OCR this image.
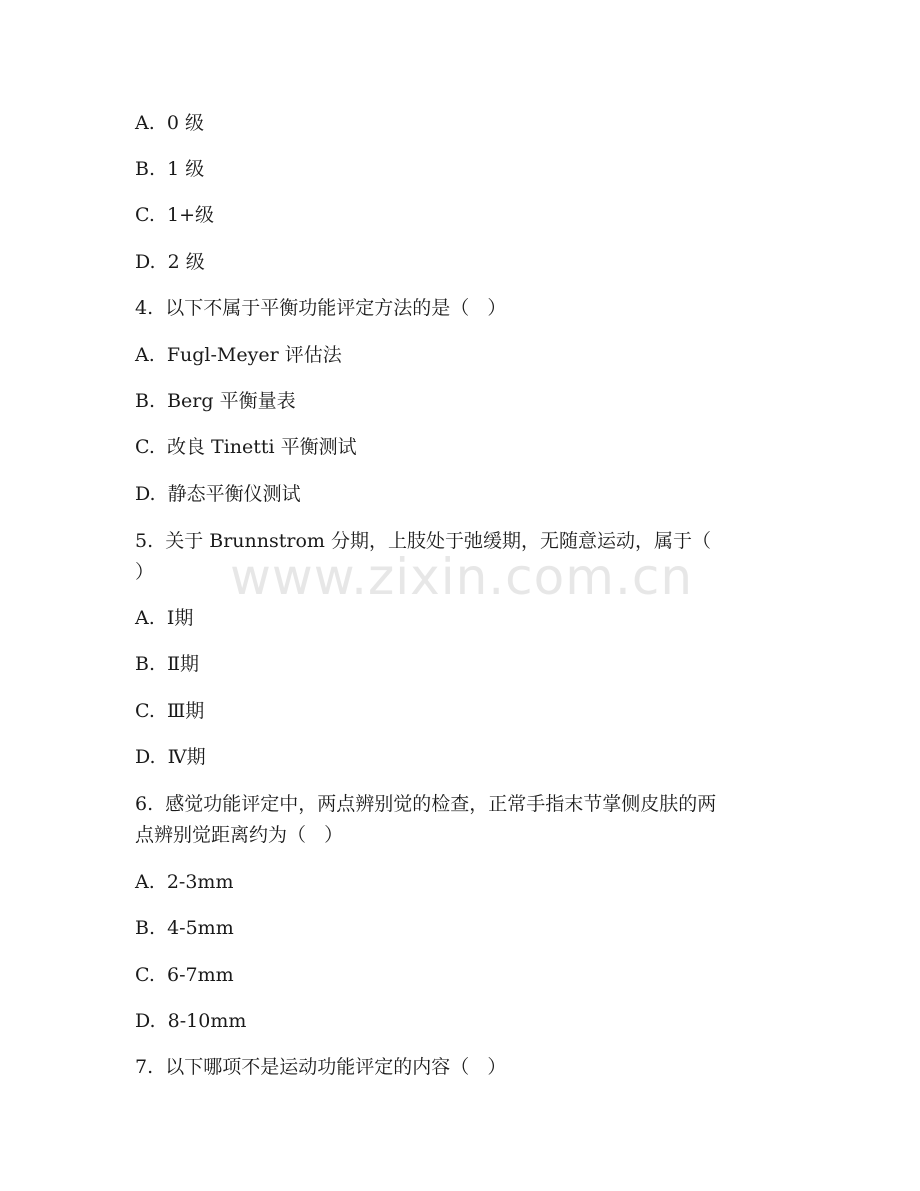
A.  0 级
B.  1 级
C.  1+级
D.  2 级
4.  以下不属于平衡功能评定方法的是（   ）
A.  Fugl-Meyer 评估法
B.  Berg 平衡量表
C.  改良 Tinetti 平衡测试
D.  静态平衡仪测试
5.  关于 Brunnstrom 分期，上肢处于弛缓期，无随意运动，属于（
）
A.  Ⅰ期
B.  Ⅱ期
C.  Ⅲ期
D.  Ⅳ期
6.  感觉功能评定中，两点辨别觉的检查，正常手指末节掌侧皮肤的两
点辨别觉距离约为（   ）
A.  2-3mm
B.  4-5mm
C.  6-7mm
D.  8-10mm
7.  以下哪项不是运动功能评定的内容（   ）
www.zixin.com.cn
